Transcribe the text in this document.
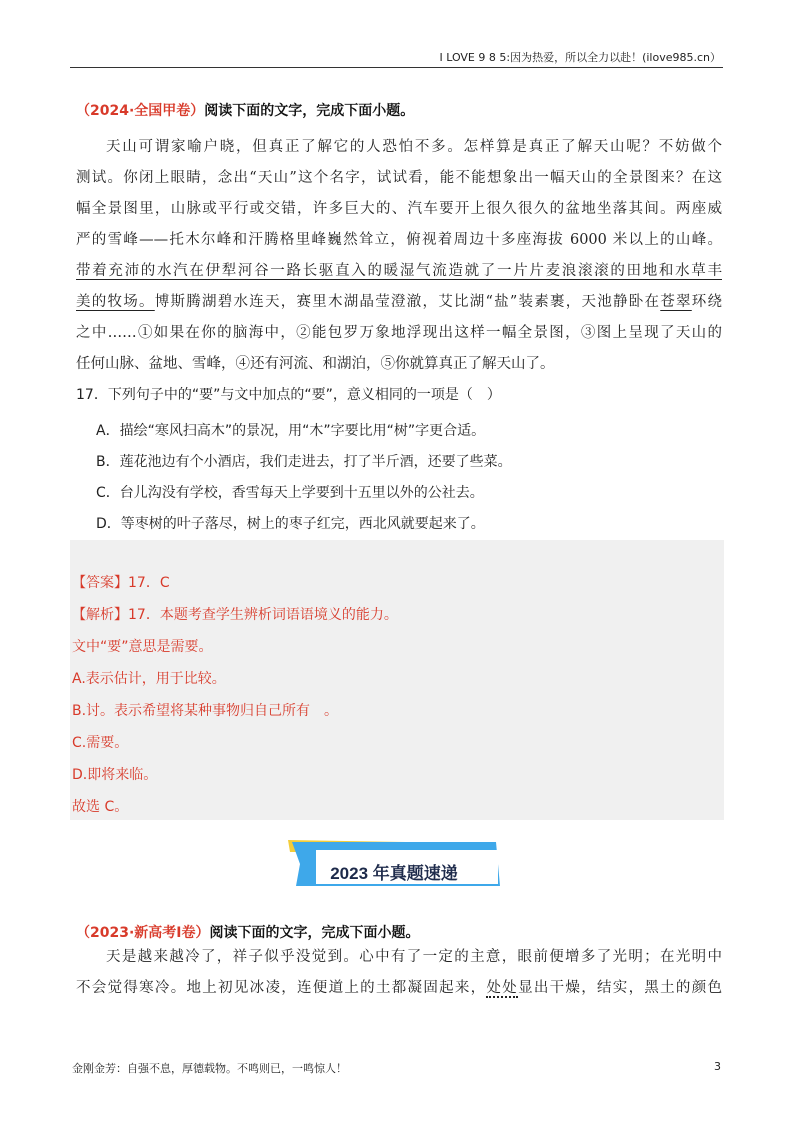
I LOVE 9 8 5:因为热爱，所以全力以赴！(ilove985.cn）
（2024·全国甲卷）阅读下面的文字，完成下面小题。
天山可谓家喻户晓，但真正了解它的人恐怕不多。怎样算是真正了解天山呢？不妨做个
测试。你闭上眼睛，念出“天山”这个名字，试试看，能不能想象出一幅天山的全景图来？在这
幅全景图里，山脉或平行或交错，许多巨大的、汽车要开上很久很久的盆地坐落其间。两座威
严的雪峰——托木尔峰和汗腾格里峰巍然耸立，俯视着周边十多座海拔 6000 米以上的山峰。
带着充沛的水汽在伊犁河谷一路长驱直入的暖湿气流造就了一片片麦浪滚滚的田地和水草丰
美的牧场。博斯腾湖碧水连天，赛里木湖晶莹澄澈，艾比湖“盐”装素裹，天池静卧在苍翠环绕
之中……①如果在你的脑海中，②能包罗万象地浮现出这样一幅全景图，③图上呈现了天山的
任何山脉、盆地、雪峰，④还有河流、和湖泊，⑤你就算真正了解天山了。
17．下列句子中的“要”与文中加点的“要”，意义相同的一项是（　）
A．描绘“寒风扫高木”的景况，用“木”字要比用“树”字更合适。
B．莲花池边有个小酒店，我们走进去，打了半斤酒，还要了些菜。
C．台儿沟没有学校，香雪每天上学要到十五里以外的公社去。
D．等枣树的叶子落尽，树上的枣子红完，西北风就要起来了。
【答案】17．C
【解析】17．本题考查学生辨析词语语境义的能力。
文中“要”意思是需要。
A.表示估计，用于比较。
B.讨。表示希望将某种事物归自己所有　。
C.需要。
D.即将来临。
故选 C。
2023 年真题速递
（2023·新高考Ⅰ卷）阅读下面的文字，完成下面小题。
天是越来越冷了，祥子似乎没觉到。心中有了一定的主意，眼前便增多了光明；在光明中
不会觉得寒冷。地上初见冰凌，连便道上的土都凝固起来，处处显出干燥，结实，黑土的颜色
金刚金芳：自强不息，厚德载物。不鸣则已，一鸣惊人！	3
